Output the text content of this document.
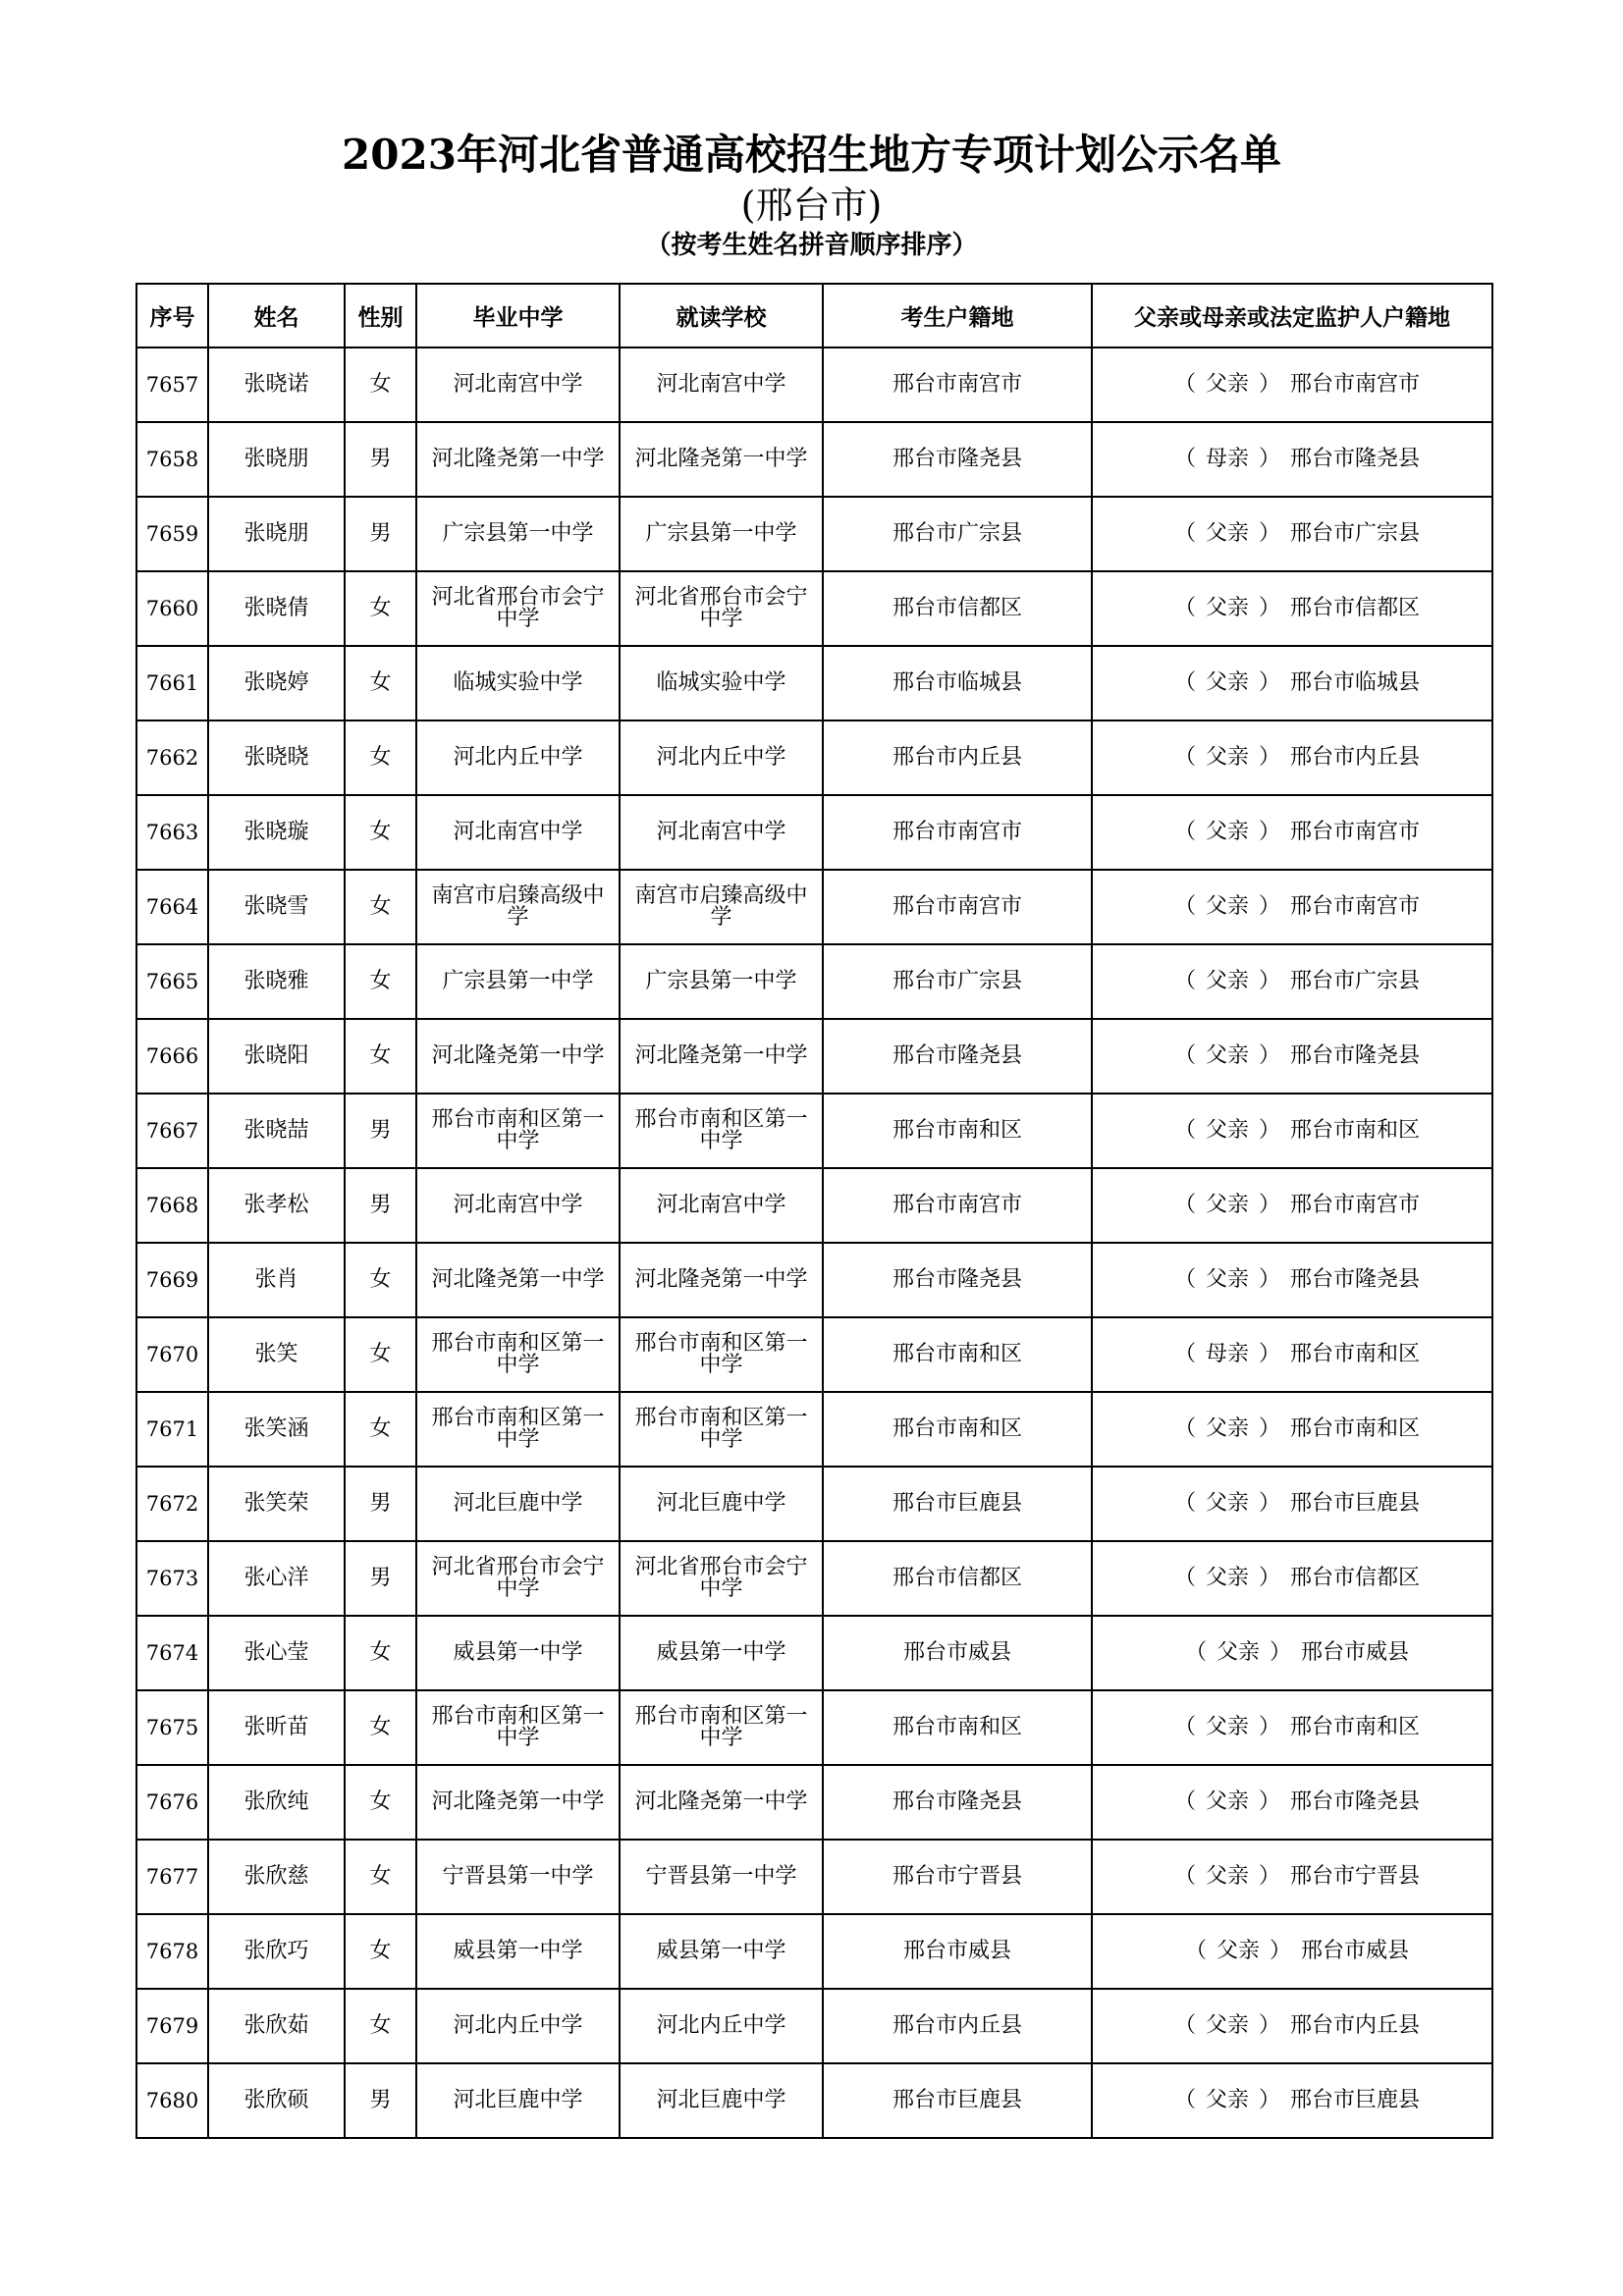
2023年河北省普通高校招生地方专项计划公示名单
(邢台市)
（按考生姓名拼音顺序排序）
序号	姓名	性别	毕业中学	就读学校	考生户籍地	父亲或母亲或法定监护人户籍地
7657	张晓诺	女	河北南宫中学	河北南宫中学	邢台市南宫市	（ 父亲 ） 邢台市南宫市
7658	张晓朋	男	河北隆尧第一中学	河北隆尧第一中学	邢台市隆尧县	（ 母亲 ） 邢台市隆尧县
7659	张晓朋	男	广宗县第一中学	广宗县第一中学	邢台市广宗县	（ 父亲 ） 邢台市广宗县
7660	张晓倩	女	河北省邢台市会宁中学	河北省邢台市会宁中学	邢台市信都区	（ 父亲 ） 邢台市信都区
7661	张晓婷	女	临城实验中学	临城实验中学	邢台市临城县	（ 父亲 ） 邢台市临城县
7662	张晓晓	女	河北内丘中学	河北内丘中学	邢台市内丘县	（ 父亲 ） 邢台市内丘县
7663	张晓璇	女	河北南宫中学	河北南宫中学	邢台市南宫市	（ 父亲 ） 邢台市南宫市
7664	张晓雪	女	南宫市启臻高级中学	南宫市启臻高级中学	邢台市南宫市	（ 父亲 ） 邢台市南宫市
7665	张晓雅	女	广宗县第一中学	广宗县第一中学	邢台市广宗县	（ 父亲 ） 邢台市广宗县
7666	张晓阳	女	河北隆尧第一中学	河北隆尧第一中学	邢台市隆尧县	（ 父亲 ） 邢台市隆尧县
7667	张晓喆	男	邢台市南和区第一中学	邢台市南和区第一中学	邢台市南和区	（ 父亲 ） 邢台市南和区
7668	张孝松	男	河北南宫中学	河北南宫中学	邢台市南宫市	（ 父亲 ） 邢台市南宫市
7669	张肖	女	河北隆尧第一中学	河北隆尧第一中学	邢台市隆尧县	（ 父亲 ） 邢台市隆尧县
7670	张笑	女	邢台市南和区第一中学	邢台市南和区第一中学	邢台市南和区	（ 母亲 ） 邢台市南和区
7671	张笑涵	女	邢台市南和区第一中学	邢台市南和区第一中学	邢台市南和区	（ 父亲 ） 邢台市南和区
7672	张笑荣	男	河北巨鹿中学	河北巨鹿中学	邢台市巨鹿县	（ 父亲 ） 邢台市巨鹿县
7673	张心洋	男	河北省邢台市会宁中学	河北省邢台市会宁中学	邢台市信都区	（ 父亲 ） 邢台市信都区
7674	张心莹	女	威县第一中学	威县第一中学	邢台市威县	（ 父亲 ） 邢台市威县
7675	张昕苗	女	邢台市南和区第一中学	邢台市南和区第一中学	邢台市南和区	（ 父亲 ） 邢台市南和区
7676	张欣纯	女	河北隆尧第一中学	河北隆尧第一中学	邢台市隆尧县	（ 父亲 ） 邢台市隆尧县
7677	张欣慈	女	宁晋县第一中学	宁晋县第一中学	邢台市宁晋县	（ 父亲 ） 邢台市宁晋县
7678	张欣巧	女	威县第一中学	威县第一中学	邢台市威县	（ 父亲 ） 邢台市威县
7679	张欣茹	女	河北内丘中学	河北内丘中学	邢台市内丘县	（ 父亲 ） 邢台市内丘县
7680	张欣硕	男	河北巨鹿中学	河北巨鹿中学	邢台市巨鹿县	（ 父亲 ） 邢台市巨鹿县
